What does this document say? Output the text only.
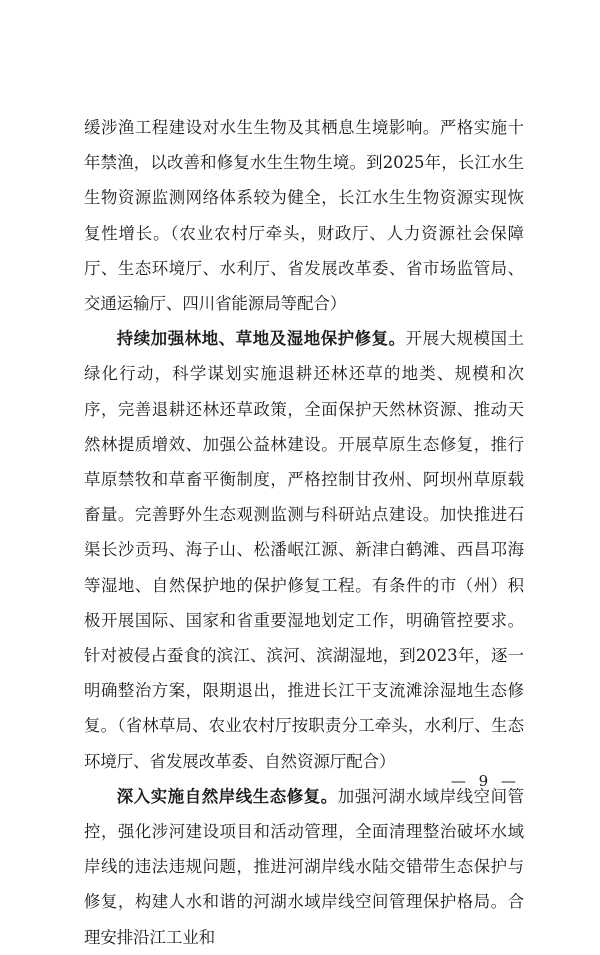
缓涉渔工程建设对水生生物及其栖息生境影响。严格实施十年禁渔，以改善和修复水生生物生境。到2025年，长江水生生物资源监测网络体系较为健全，长江水生生物资源实现恢复性增长。（农业农村厅牵头，财政厅、人力资源社会保障厅、生态环境厅、水利厅、省发展改革委、省市场监管局、交通运输厅、四川省能源局等配合）

持续加强林地、草地及湿地保护修复。开展大规模国土绿化行动，科学谋划实施退耕还林还草的地类、规模和次序，完善退耕还林还草政策，全面保护天然林资源、推动天然林提质增效、加强公益林建设。开展草原生态修复，推行草原禁牧和草畜平衡制度，严格控制甘孜州、阿坝州草原载畜量。完善野外生态观测监测与科研站点建设。加快推进石渠长沙贡玛、海子山、松潘岷江源、新津白鹤滩、西昌邛海等湿地、自然保护地的保护修复工程。有条件的市（州）积极开展国际、国家和省重要湿地划定工作，明确管控要求。针对被侵占蚕食的滨江、滨河、滨湖湿地，到2023年，逐一明确整治方案，限期退出，推进长江干支流滩涂湿地生态修复。（省林草局、农业农村厅按职责分工牵头，水利厅、生态环境厅、省发展改革委、自然资源厅配合）

深入实施自然岸线生态修复。加强河湖水域岸线空间管控，强化涉河建设项目和活动管理，全面清理整治破坏水域岸线的违法违规问题，推进河湖岸线水陆交错带生态保护与修复，构建人水和谐的河湖水域岸线空间管理保护格局。合理安排沿江工业和

— 9 —
